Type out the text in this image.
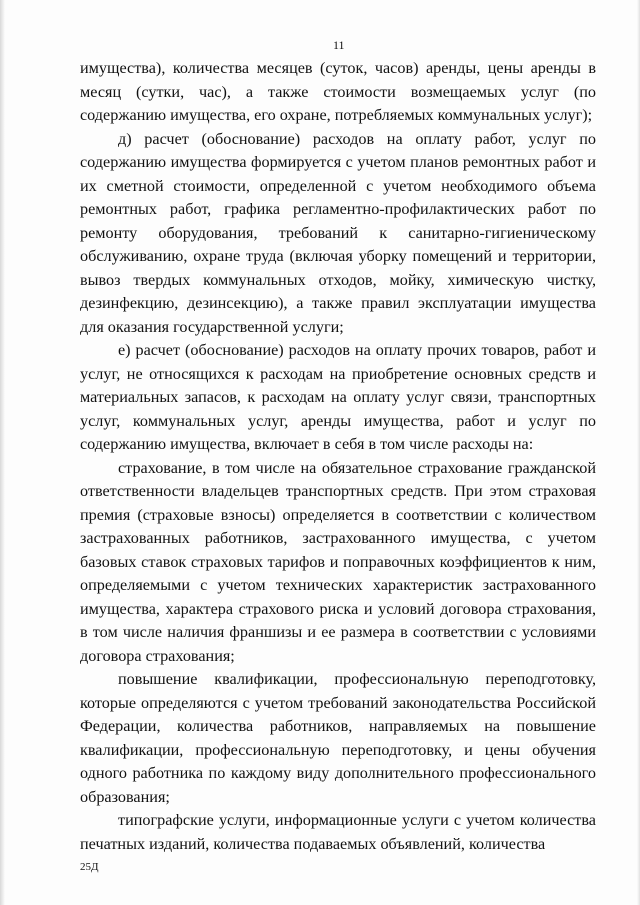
11

имущества), количества месяцев (суток, часов) аренды, цены аренды в месяц (сутки, час), а также стоимости возмещаемых услуг (по содержанию имущества, его охране, потребляемых коммунальных услуг);

д) расчет (обоснование) расходов на оплату работ, услуг по содержанию имущества формируется с учетом планов ремонтных работ и их сметной стоимости, определенной с учетом необходимого объема ремонтных работ, графика регламентно-профилактических работ по ремонту оборудования, требований к санитарно-гигиеническому обслуживанию, охране труда (включая уборку помещений и территории, вывоз твердых коммунальных отходов, мойку, химическую чистку, дезинфекцию, дезинсекцию), а также правил эксплуатации имущества для оказания государственной услуги;

е) расчет (обоснование) расходов на оплату прочих товаров, работ и услуг, не относящихся к расходам на приобретение основных средств и материальных запасов, к расходам на оплату услуг связи, транспортных услуг, коммунальных услуг, аренды имущества, работ и услуг по содержанию имущества, включает в себя в том числе расходы на:

страхование, в том числе на обязательное страхование гражданской ответственности владельцев транспортных средств. При этом страховая премия (страховые взносы) определяется в соответствии с количеством застрахованных работников, застрахованного имущества, с учетом базовых ставок страховых тарифов и поправочных коэффициентов к ним, определяемыми с учетом технических характеристик застрахованного имущества, характера страхового риска и условий договора страхования, в том числе наличия франшизы и ее размера в соответствии с условиями договора страхования;

повышение квалификации, профессиональную переподготовку, которые определяются с учетом требований законодательства Российской Федерации, количества работников, направляемых на повышение квалификации, профессиональную переподготовку, и цены обучения одного работника по каждому виду дополнительного профессионального образования;

типографские услуги, информационные услуги с учетом количества печатных изданий, количества подаваемых объявлений, количества

25Д
